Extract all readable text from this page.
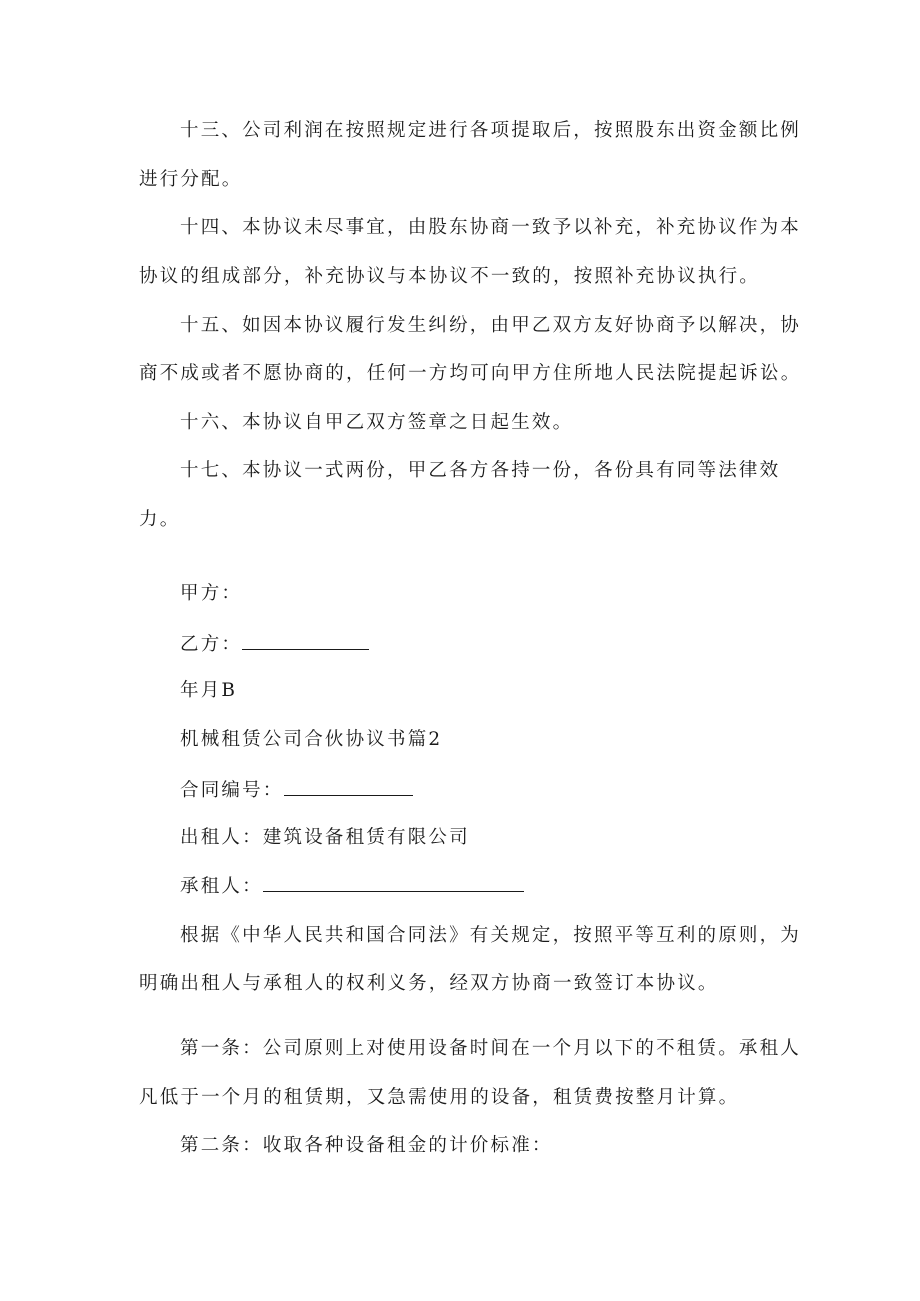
十三、公司利润在按照规定进行各项提取后，按照股东出资金额比例
进行分配。
十四、本协议未尽事宜，由股东协商一致予以补充，补充协议作为本
协议的组成部分，补充协议与本协议不一致的，按照补充协议执行。
十五、如因本协议履行发生纠纷，由甲乙双方友好协商予以解决，协
商不成或者不愿协商的，任何一方均可向甲方住所地人民法院提起诉讼。
十六、本协议自甲乙双方签章之日起生效。
十七、本协议一式两份，甲乙各方各持一份，各份具有同等法律效
力。
甲方：
乙方：
年月B
机械租赁公司合伙协议书篇2
合同编号：
出租人：建筑设备租赁有限公司
承租人：
根据《中华人民共和国合同法》有关规定，按照平等互利的原则，为
明确出租人与承租人的权利义务，经双方协商一致签订本协议。
第一条：公司原则上对使用设备时间在一个月以下的不租赁。承租人
凡低于一个月的租赁期，又急需使用的设备，租赁费按整月计算。
第二条：收取各种设备租金的计价标准：
